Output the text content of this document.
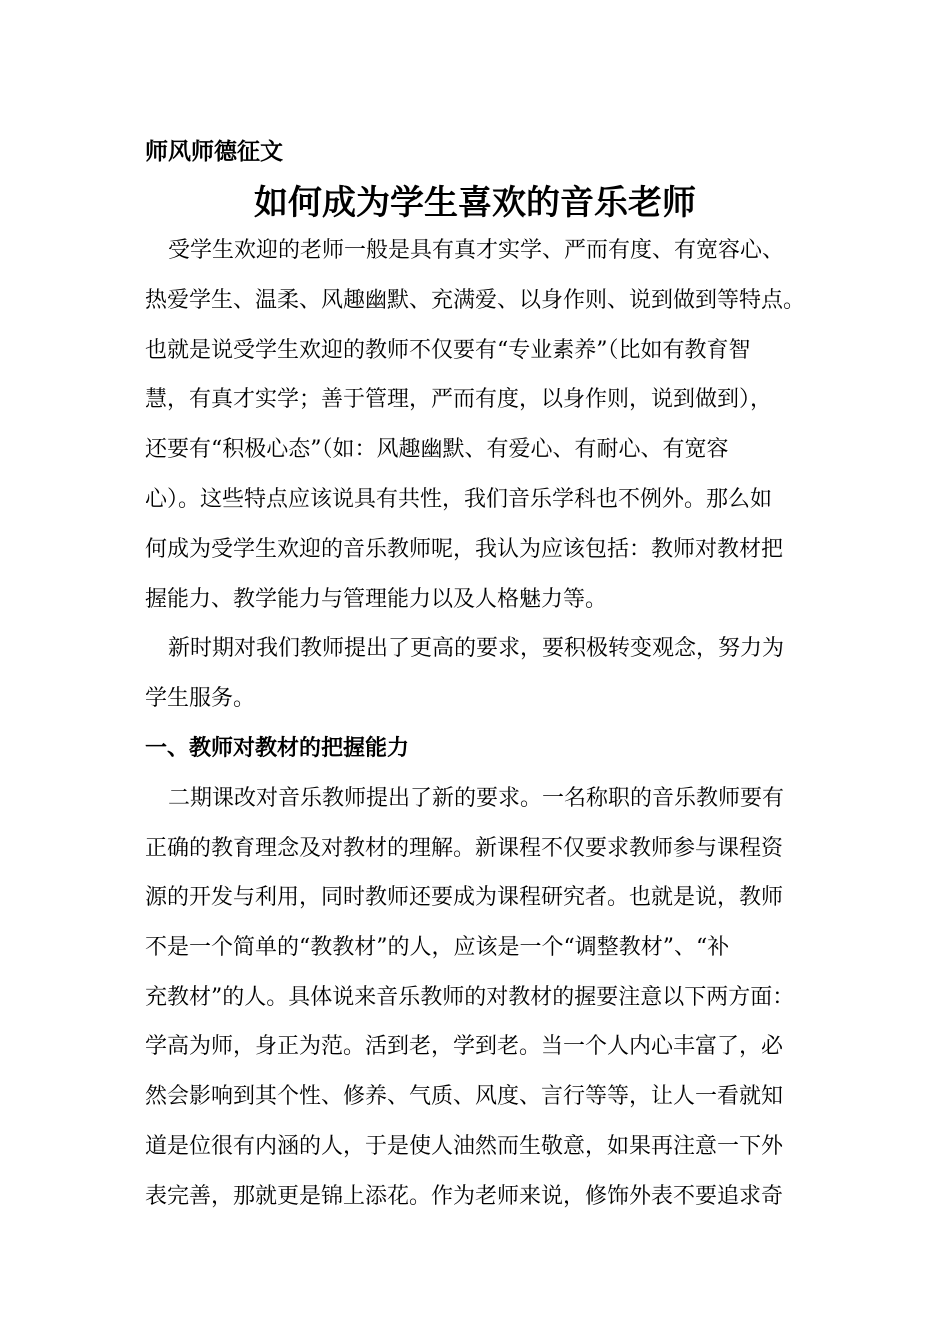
师风师德征文
如何成为学生喜欢的音乐老师
受学生欢迎的老师一般是具有真才实学、严而有度、有宽容心、
热爱学生、温柔、风趣幽默、充满爱、以身作则、说到做到等特点。
也就是说受学生欢迎的教师不仅要有“专业素养”（比如有教育智
慧，有真才实学；善于管理，严而有度，以身作则，说到做到），
还要有“积极心态”（如：风趣幽默、有爱心、有耐心、有宽容
心）。这些特点应该说具有共性，我们音乐学科也不例外。那么如
何成为受学生欢迎的音乐教师呢，我认为应该包括：教师对教材把
握能力、教学能力与管理能力以及人格魅力等。
新时期对我们教师提出了更高的要求，要积极转变观念，努力为
学生服务。
一、教师对教材的把握能力
二期课改对音乐教师提出了新的要求。一名称职的音乐教师要有
正确的教育理念及对教材的理解。新课程不仅要求教师参与课程资
源的开发与利用，同时教师还要成为课程研究者。也就是说，教师
不是一个简单的“教教材”的人，应该是一个“调整教材”、“补
充教材”的人。具体说来音乐教师的对教材的握要注意以下两方面：
学高为师，身正为范。活到老，学到老。当一个人内心丰富了，必
然会影响到其个性、修养、气质、风度、言行等等，让人一看就知
道是位很有内涵的人，于是使人油然而生敬意，如果再注意一下外
表完善，那就更是锦上添花。作为老师来说，修饰外表不要追求奇
